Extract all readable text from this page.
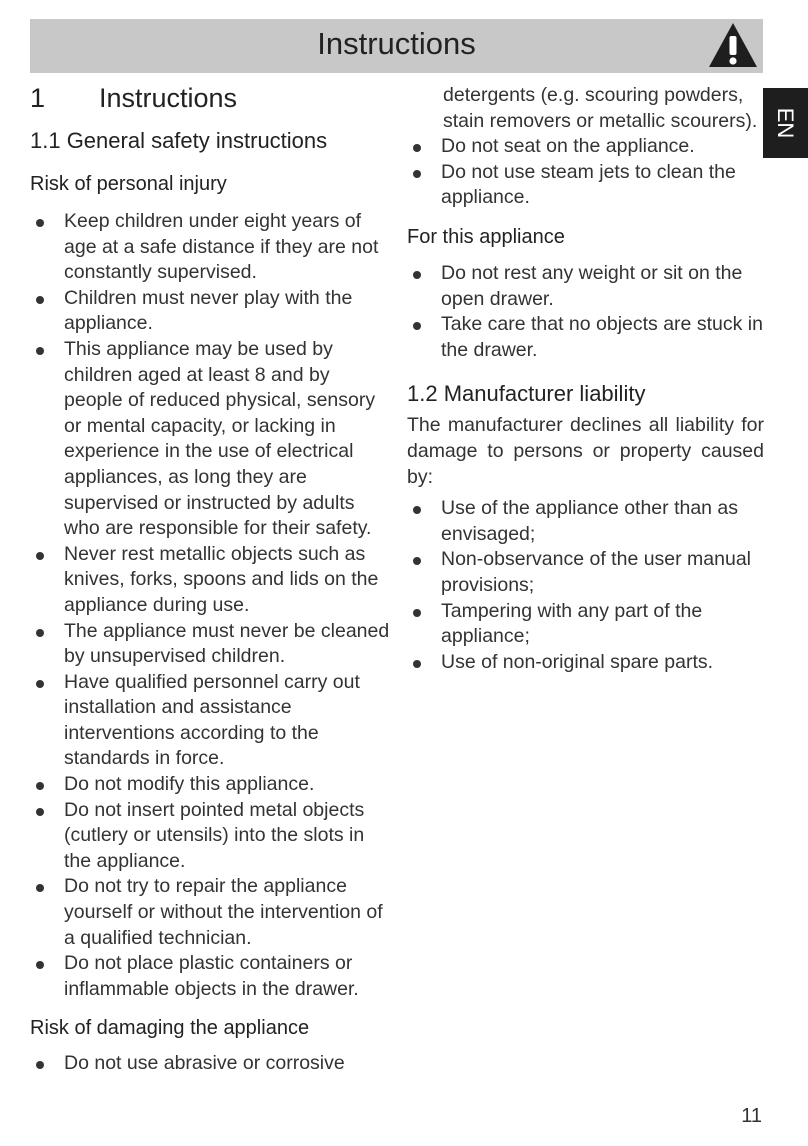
Instructions
EN
1 Instructions
1.1 General safety instructions
Risk of personal injury
Keep children under eight years of age at a safe distance if they are not constantly supervised.
Children must never play with the appliance.
This appliance may be used by children aged at least 8 and by people of reduced physical, sensory or mental capacity, or lacking in experience in the use of electrical appliances, as long they are supervised or instructed by adults who are responsible for their safety.
Never rest metallic objects such as knives, forks, spoons and lids on the appliance during use.
The appliance must never be cleaned by unsupervised children.
Have qualified personnel carry out installation and assistance interventions according to the standards in force.
Do not modify this appliance.
Do not insert pointed metal objects (cutlery or utensils) into the slots in the appliance.
Do not try to repair the appliance yourself or without the intervention of a qualified technician.
Do not place plastic containers or inflammable objects in the drawer.
Risk of damaging the appliance
Do not use abrasive or corrosive
detergents (e.g. scouring powders, stain removers or metallic scourers).
Do not seat on the appliance.
Do not use steam jets to clean the appliance.
For this appliance
Do not rest any weight or sit on the open drawer.
Take care that no objects are stuck in the drawer.
1.2 Manufacturer liability

The manufacturer declines all liability for damage to persons or property caused by:

Use of the appliance other than as envisaged;
Non-observance of the user manual provisions;
Tampering with any part of the appliance;
Use of non-original spare parts.
11
